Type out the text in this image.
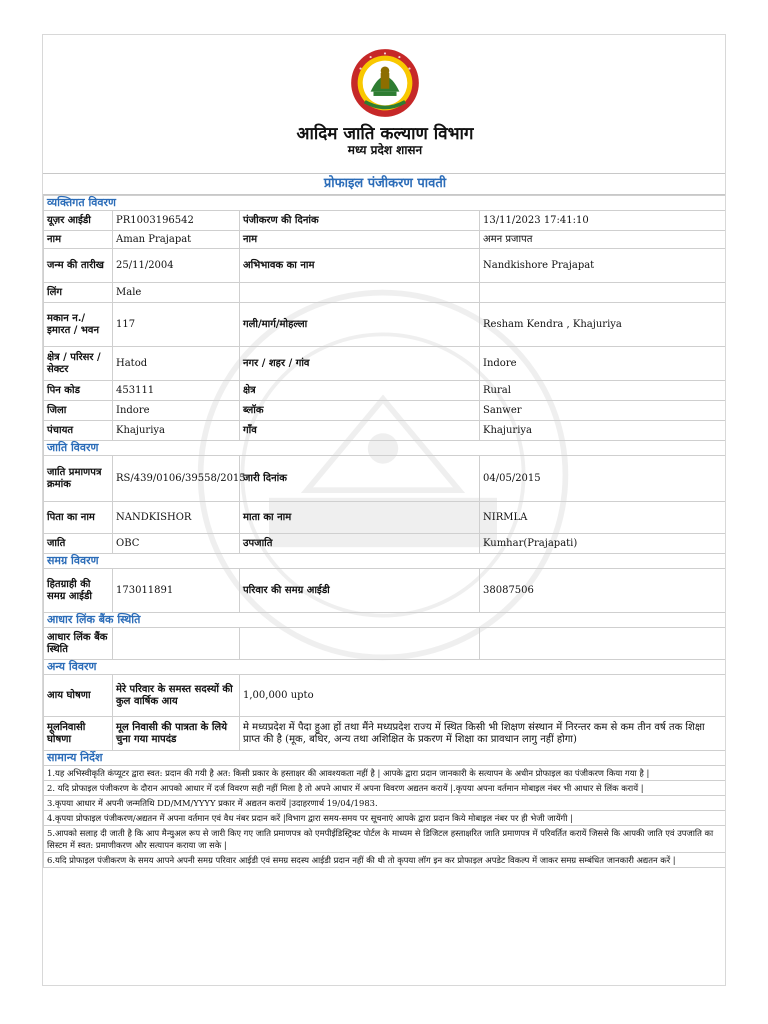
आदिम जाति कल्याण विभाग
मध्य प्रदेश शासन
प्रोफाइल पंजीकरण पावती
व्यक्तिगत विवरण			
यूज़र आईडी	PR1003196542	पंजीकरण की दिनांक	13/11/2023 17:41:10
नाम	Aman Prajapat	नाम	अमन प्रजापत
जन्म की तारीख	25/11/2004	अभिभावक का नाम	Nandkishore Prajapat
लिंग	Male		
मकान न./ इमारत / भवन	117	गली/मार्ग/मोहल्ला	Resham Kendra , Khajuriya
क्षेत्र / परिसर /सेक्टर	Hatod	नगर / शहर / गांव	Indore
पिन कोड	453111	क्षेत्र	Rural
जिला	Indore	ब्लॉक	Sanwer
पंचायत	Khajuriya	गाँव	Khajuriya
जाति विवरण			
जाति प्रमाणपत्र क्रमांक	RS/439/0106/39558/2015	जारी दिनांक	04/05/2015
पिता का नाम	NANDKISHOR	माता का नाम	NIRMLA
जाति	OBC	उपजाति	Kumhar(Prajapati)
समग्र विवरण			
हितग्राही की समग्र आईडी	173011891	परिवार की समग्र आईडी	38087506
आधार लिंक बैंक स्थिति			
आधार लिंक बैंक स्थिति			
अन्य विवरण			
आय घोषणा	मेरे परिवार के समस्त सदस्यों की कुल वार्षिक आय	1,00,000 upto	
मूलनिवासी घोषणा	मूल निवासी की पात्रता के लिये चुना गया मापदंड	मे मध्यप्रदेश में पैदा हुआ हों तथा मैंने मध्यप्रदेश राज्य में स्थित किसी भी शिक्षण संस्थान में निरन्तर कम से कम तीन वर्ष तक शिक्षा प्राप्त की है (मूक, बधिर, अन्य तथा अशिक्षित के प्रकरण में शिक्षा का प्रावधान लागु नहीं होगा)	
सामान्य निर्देश			
1.यह अभिस्वीकृति कंप्यूटर द्वारा स्वत: प्रदान की गयी है अत: किसी प्रकार के हस्ताक्षर की आवश्यकता नहीं है | आपके द्वारा प्रदान जानकारी के सत्यापन के अधीन प्रोफाइल का पंजीकरण किया गया है |			
2. यदि प्रोफाइल पंजीकरण के दौरान आपको आधार में दर्ज विवरण सही नहीं मिला है तो अपने आधार में अपना विवरण अद्यतन करायें |.कृपया अपना वर्तमान मोबाइल नंबर भी आधार से लिंक करायें |			
3.कृपया आधार में अपनी जन्मतिथि DD/MM/YYYY प्रकार में अद्यतन करायें |उदाहरणार्थ 19/04/1983.			
4.कृपया प्रोफाइल पंजीकरण/अद्यतन में अपना वर्तमान एवं वैध नंबर प्रदान करें |विभाग द्वारा समय-समय पर सूचनाएं आपके द्वारा प्रदान किये मोबाइल नंबर पर ही भेजी जायेंगी |			
5.आपको सलाह दी जाती है कि आप मैन्युअल रूप से जारी किए गए जाति प्रमाणपत्र को एमपीईडिस्ट्रिक्ट पोर्टल के माध्यम से डिजिटल हस्ताक्षरित जाति प्रमाणपत्र में परिवर्तित करायें जिससे कि आपकी जाति एवं उपजाति का सिस्टम में स्वत: प्रमाणीकरण और सत्यापन कराया जा सके |			
6.यदि प्रोफाइल पंजीकरण के समय आपने अपनी समग्र परिवार आईडी एवं समग्र सदस्य आईडी प्रदान नहीं की थी तो कृपया लॉग इन कर प्रोफाइल अपडेट विकल्प में जाकर समग्र सम्बंधित जानकारी अद्यतन करें |			
